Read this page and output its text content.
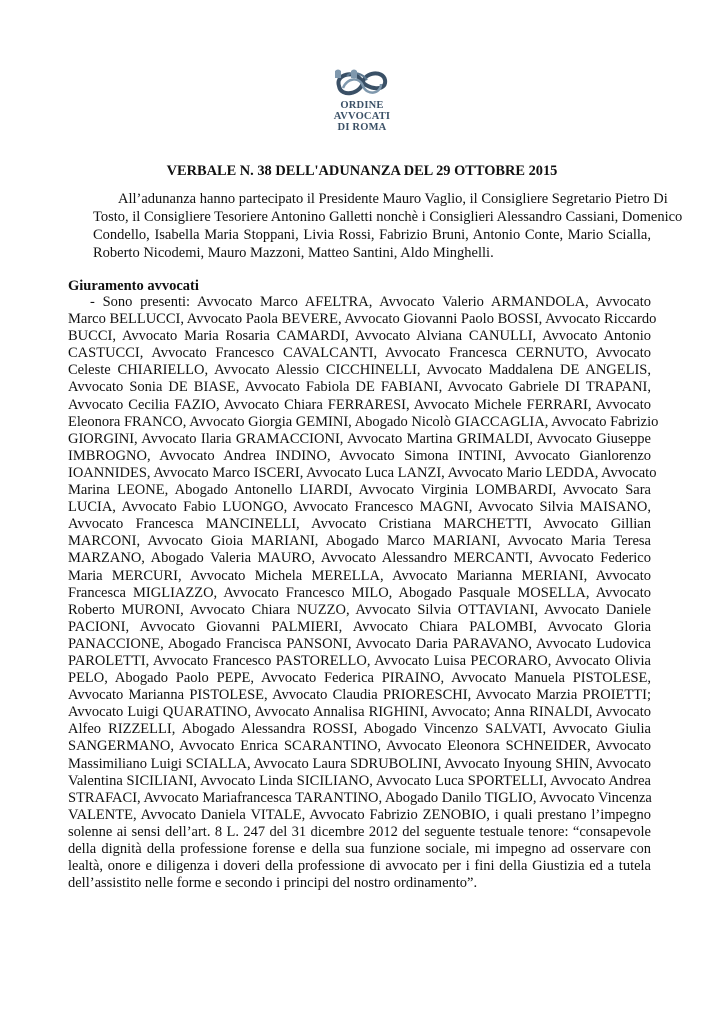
ORDINE
AVVOCATI
DI ROMA
VERBALE N. 38 DELL'ADUNANZA DEL 29 OTTOBRE 2015
All’adunanza hanno partecipato il Presidente Mauro Vaglio, il Consigliere Segretario Pietro Di
Tosto, il Consigliere Tesoriere Antonino Galletti nonchè i Consiglieri Alessandro Cassiani, Domenico
Condello, Isabella Maria Stoppani, Livia Rossi, Fabrizio Bruni, Antonio Conte, Mario Scialla,
Roberto Nicodemi, Mauro Mazzoni, Matteo Santini, Aldo Minghelli.
Giuramento avvocati
- Sono presenti: Avvocato Marco AFELTRA, Avvocato Valerio ARMANDOLA, Avvocato
Marco BELLUCCI, Avvocato Paola BEVERE, Avvocato Giovanni Paolo BOSSI, Avvocato Riccardo
BUCCI, Avvocato Maria Rosaria CAMARDI, Avvocato Alviana CANULLI, Avvocato Antonio
CASTUCCI, Avvocato Francesco CAVALCANTI, Avvocato Francesca CERNUTO, Avvocato
Celeste CHIARIELLO, Avvocato Alessio CICCHINELLI, Avvocato Maddalena DE ANGELIS,
Avvocato Sonia DE BIASE, Avvocato Fabiola DE FABIANI, Avvocato Gabriele DI TRAPANI,
Avvocato Cecilia FAZIO, Avvocato Chiara FERRARESI, Avvocato Michele FERRARI, Avvocato
Eleonora FRANCO, Avvocato Giorgia GEMINI, Abogado Nicolò GIACCAGLIA, Avvocato Fabrizio
GIORGINI, Avvocato Ilaria GRAMACCIONI, Avvocato Martina GRIMALDI, Avvocato Giuseppe
IMBROGNO, Avvocato Andrea INDINO, Avvocato Simona INTINI, Avvocato Gianlorenzo
IOANNIDES, Avvocato Marco ISCERI, Avvocato Luca LANZI, Avvocato Mario LEDDA, Avvocato
Marina LEONE, Abogado Antonello LIARDI, Avvocato Virginia LOMBARDI, Avvocato Sara
LUCIA, Avvocato Fabio LUONGO, Avvocato Francesco MAGNI, Avvocato Silvia MAISANO,
Avvocato Francesca MANCINELLI, Avvocato Cristiana MARCHETTI, Avvocato Gillian
MARCONI, Avvocato Gioia MARIANI, Abogado Marco MARIANI, Avvocato Maria Teresa
MARZANO, Abogado Valeria MAURO, Avvocato Alessandro MERCANTI, Avvocato Federico
Maria MERCURI, Avvocato Michela MERELLA, Avvocato Marianna MERIANI, Avvocato
Francesca MIGLIAZZO, Avvocato Francesco MILO, Abogado Pasquale MOSELLA, Avvocato
Roberto MURONI, Avvocato Chiara NUZZO, Avvocato Silvia OTTAVIANI, Avvocato Daniele
PACIONI, Avvocato Giovanni PALMIERI, Avvocato Chiara PALOMBI, Avvocato Gloria
PANACCIONE, Abogado Francisca PANSONI, Avvocato Daria PARAVANO, Avvocato Ludovica
PAROLETTI, Avvocato Francesco PASTORELLO, Avvocato Luisa PECORARO, Avvocato Olivia
PELO, Abogado Paolo PEPE, Avvocato Federica PIRAINO, Avvocato Manuela PISTOLESE,
Avvocato Marianna PISTOLESE, Avvocato Claudia PRIORESCHI, Avvocato Marzia PROIETTI;
Avvocato Luigi QUARATINO, Avvocato Annalisa RIGHINI, Avvocato; Anna RINALDI, Avvocato
Alfeo RIZZELLI, Abogado Alessandra ROSSI, Abogado Vincenzo SALVATI, Avvocato Giulia
SANGERMANO, Avvocato Enrica SCARANTINO, Avvocato Eleonora SCHNEIDER, Avvocato
Massimiliano Luigi SCIALLA, Avvocato Laura SDRUBOLINI, Avvocato Inyoung SHIN, Avvocato
Valentina SICILIANI, Avvocato Linda SICILIANO, Avvocato Luca SPORTELLI, Avvocato Andrea
STRAFACI, Avvocato Mariafrancesca TARANTINO, Abogado Danilo TIGLIO, Avvocato Vincenza
VALENTE, Avvocato Daniela VITALE, Avvocato Fabrizio ZENOBIO, i quali prestano l’impegno
solenne ai sensi dell’art. 8 L. 247 del 31 dicembre 2012 del seguente testuale tenore: “consapevole
della dignità della professione forense e della sua funzione sociale, mi impegno ad osservare con
lealtà, onore e diligenza i doveri della professione di avvocato per i fini della Giustizia ed a tutela
dell’assistito nelle forme e secondo i principi del nostro ordinamento”.
